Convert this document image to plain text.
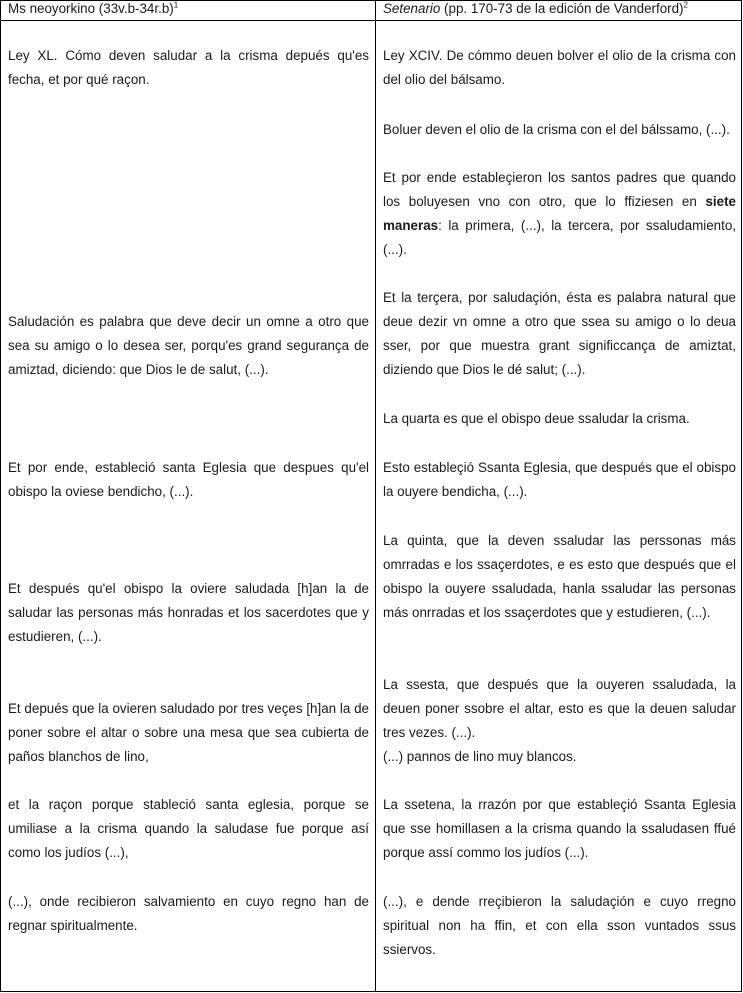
Ms neoyorkino $(33v.b-34r.b)^1$	Setenario (pp. 170-73 de la edición de Vanderford)$^2$

Ley XL. Cómo deven saludar a la crisma depués qu'es fecha, et por qué raçon.

Saludación es palabra que deve decir un omne a otro que sea su amigo o lo desea ser, porqu'es grand segurança de amiztad, diciendo: que Dios le de salut, (...).

Et por ende, estableció santa Eglesia que despues qu'el obispo la oviese bendicho, (...).

Et después qu'el obispo la oviere saludada [h]an la de saludar las personas más honradas et los sacerdotes que y estudieren, (...).

Et depués que la ovieren saludado por tres veçes [h]an la de poner sobre el altar o sobre una mesa que sea cubierta de paños blanchos de lino,

et la raçon porque stableció santa eglesia, porque se umiliase a la crisma quando la saludase fue porque así como los judíos (...),

(...), onde recibieron salvamiento en cuyo regno han de regnar spiritualmente.

Ley XCIV. De cómmo deuen bolver el olio de la crisma con del olio del bálsamo.

Boluer deven el olio de la crisma con el del bálssamo, (...).

Et por ende estableçieron los santos padres que quando los boluyesen vno con otro, que lo ffiziesen en siete maneras: la primera, (...), la tercera, por ssaludamiento, (...).

Et la terçera, por saludaçión, ésta es palabra natural que deue dezir vn omne a otro que ssea su amigo o lo deua sser, por que muestra grant significcança de amiztat, diziendo que Dios le dé salut; (...).

La quarta es que el obispo deue ssaludar la crisma.

Esto estableçió Ssanta Eglesia, que después que el obispo la ouyere bendicha, (...).

La quinta, que la deven ssaludar las perssonas más omrradas e los ssaçerdotes, e es esto que después que el obispo la ouyere ssaludada, hanla ssaludar las personas más onrradas et los ssaçerdotes que y estudieren, (...).

La ssesta, que después que la ouyeren ssaludada, la deuen poner ssobre el altar, esto es que la deuen saludar tres vezes. (...).

(...) pannos de lino muy blancos.

La ssetena, la rrazón por que estableçió Ssanta Eglesia que sse homillasen a la crisma quando la ssaludasen ffué porque assí commo los judíos (...).

(...), e dende rreçibieron la saludaçión e cuyo rregno spiritual non ha ffin, et con ella sson vuntados ssus ssiervos.
